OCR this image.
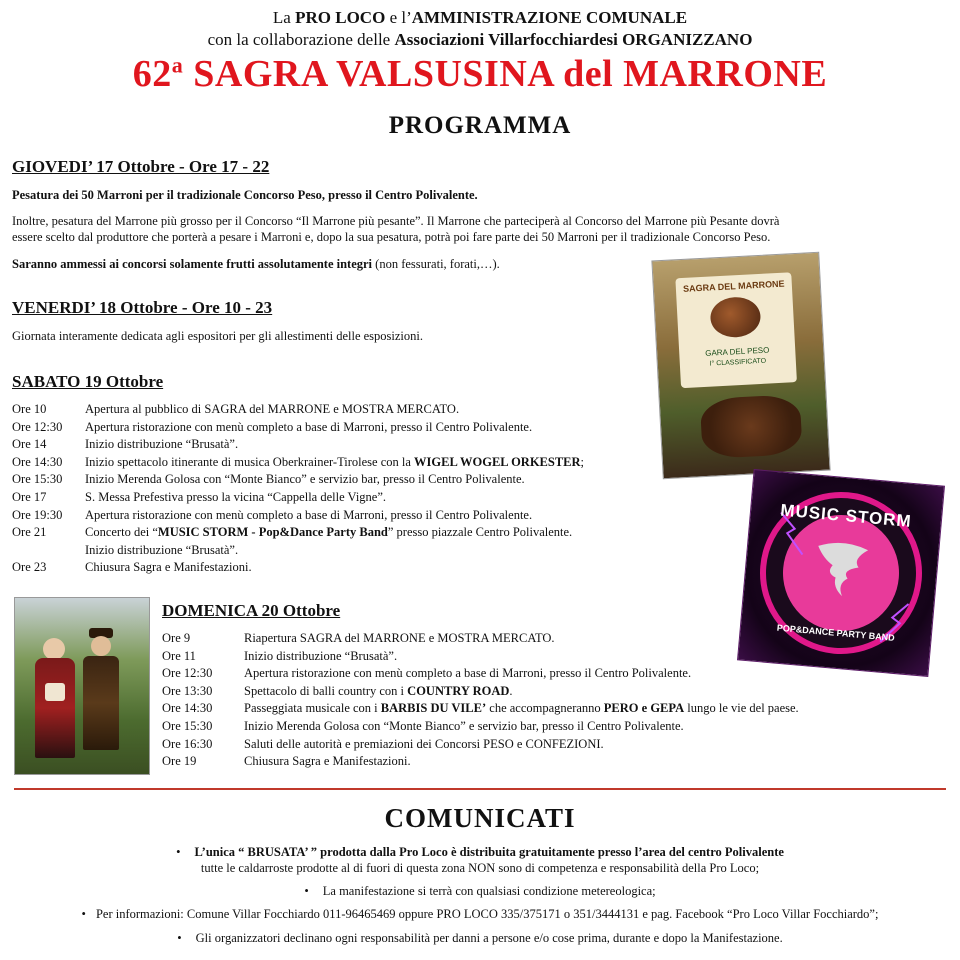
La PRO LOCO e l’AMMINISTRAZIONE COMUNALE
con la collaborazione delle Associazioni Villarfocchiardesi ORGANIZZANO
62$^a$ SAGRA VALSUSINA del MARRONE
PROGRAMMA
GIOVEDI’ 17 Ottobre - Ore 17 - 22
Pesatura dei 50 Marroni per il tradizionale Concorso Peso, presso il Centro Polivalente.
Inoltre, pesatura del Marrone più grosso per il Concorso “Il Marrone più pesante”. Il Marrone che parteciperà al Concorso del Marrone più Pesante dovrà
essere scelto dal produttore che porterà a pesare i Marroni e, dopo la sua pesatura, potrà poi fare parte dei 50 Marroni per il tradizionale Concorso Peso.
Saranno ammessi ai concorsi solamente frutti assolutamente integri (non fessurati, forati,…).
VENERDI’ 18 Ottobre - Ore 10 - 23
Giornata interamente dedicata agli espositori per gli allestimenti delle esposizioni.
SABATO 19 Ottobre
Ore 10	Apertura al pubblico di SAGRA del MARRONE e MOSTRA MERCATO.
Ore 12:30 Apertura ristorazione con menù completo a base di Marroni, presso il Centro Polivalente.
Ore 14	Inizio distribuzione “Brusatà”.
Ore 14:30 Inizio spettacolo itinerante di musica Oberkrainer-Tirolese con la WIGEL WOGEL ORKESTER;
Ore 15:30 Inizio Merenda Golosa con “Monte Bianco” e servizio bar, presso il Centro Polivalente.
Ore 17	S. Messa Prefestiva presso la vicina “Cappella delle Vigne”.
Ore 19:30 Apertura ristorazione con menù completo a base di Marroni, presso il Centro Polivalente.
Ore 21	Concerto dei “MUSIC STORM - Pop&Dance Party Band” presso piazzale Centro Polivalente.
Inizio distribuzione “Brusatà”.
Ore 23	Chiusura Sagra e Manifestazioni.
DOMENICA 20 Ottobre
Ore 9	Riapertura SAGRA del MARRONE e MOSTRA MERCATO.
Ore 11	Inizio distribuzione “Brusatà”.
Ore 12:30	Apertura ristorazione con menù completo a base di Marroni, presso il Centro Polivalente.
Ore 13:30	Spettacolo di balli country con i COUNTRY ROAD.
Ore 14:30	Passeggiata musicale con i BARBIS DU VILE’ che accompagneranno PERO e GEPA lungo le vie del paese.
Ore 15:30	Inizio Merenda Golosa con “Monte Bianco” e servizio bar, presso il Centro Polivalente.
Ore 16:30	Saluti delle autorità e premiazioni dei Concorsi PESO e CONFEZIONI.
Ore 19	Chiusura Sagra e Manifestazioni.
SAGRA DEL MARRONE
GARA DEL PESO
I° CLASSIFICATO
MUSIC STORM
POP&DANCE PARTY BAND
COMUNICATI
• L’unica “ BRUSATA’ ” prodotta dalla Pro Loco è distribuita gratuitamente presso l’area del centro Polivalente
tutte le caldarroste prodotte al di fuori di questa zona NON sono di competenza e responsabilità della Pro Loco;
• La manifestazione si terrà con qualsiasi condizione metereologica;
• Per informazioni: Comune Villar Focchiardo 011-96465469 oppure PRO LOCO 335/375171 o 351/3444131 e pag. Facebook “Pro Loco Villar Focchiardo”;
• Gli organizzatori declinano ogni responsabilità per danni a persone e/o cose prima, durante e dopo la Manifestazione.
